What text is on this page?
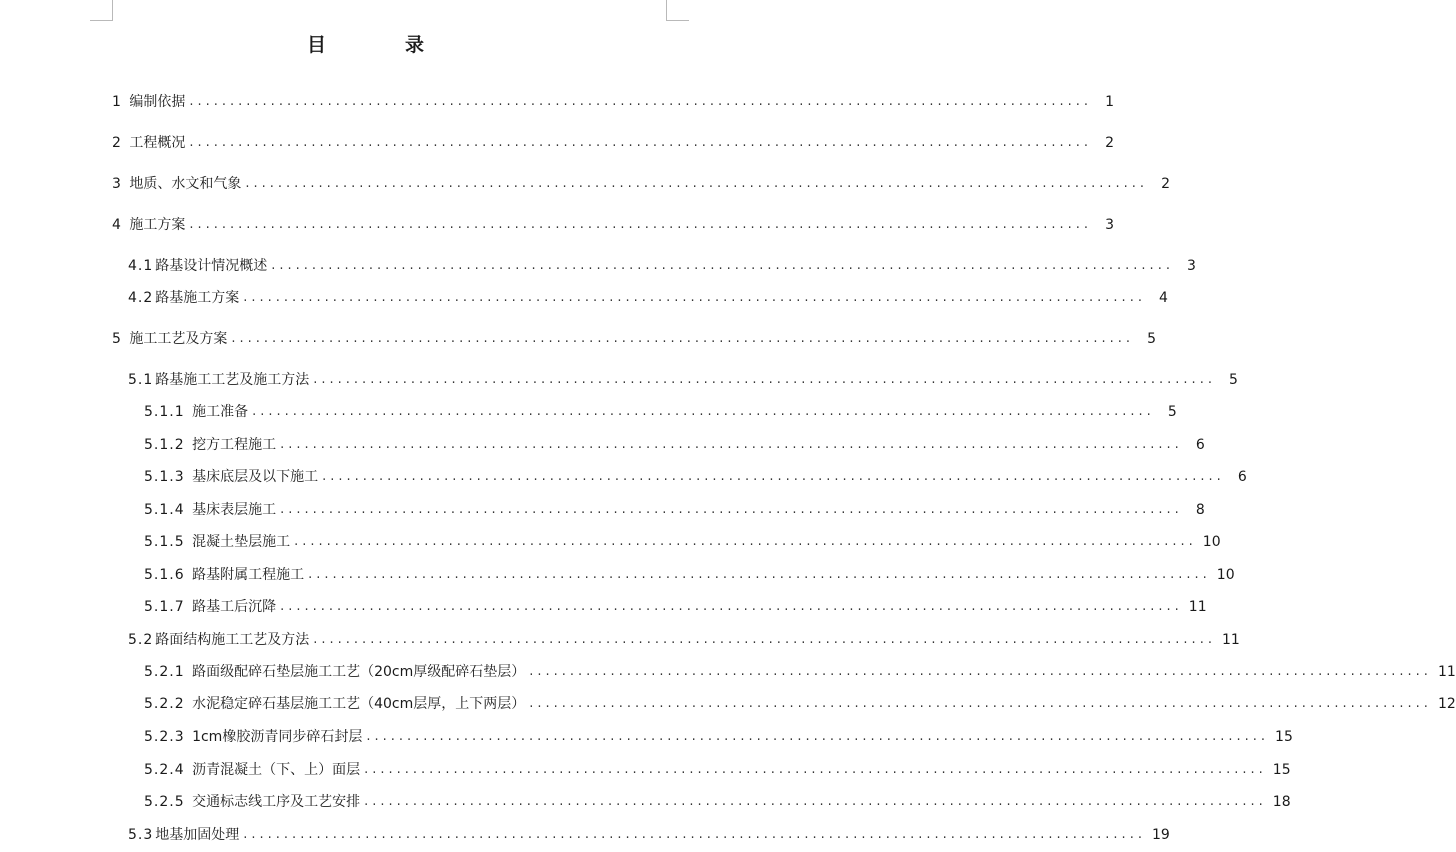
目　录
1 编制依据 ............................................................................................................... 1
2 工程概况 ............................................................................................................... 2
3 地质、水文和气象 ............................................................................................................... 2
4 施工方案 ............................................................................................................... 3
4.1 路基设计情况概述 ............................................................................................................... 3
4.2 路基施工方案 ............................................................................................................... 4
5 施工工艺及方案 ............................................................................................................... 5
5.1 路基施工工艺及施工方法 ............................................................................................................... 5
5.1.1 施工准备 ............................................................................................................... 5
5.1.2 挖方工程施工 ............................................................................................................... 6
5.1.3 基床底层及以下施工 ............................................................................................................... 6
5.1.4 基床表层施工 ............................................................................................................... 8
5.1.5 混凝土垫层施工 ............................................................................................................... 10
5.1.6 路基附属工程施工 ............................................................................................................... 10
5.1.7 路基工后沉降 ............................................................................................................... 11
5.2 路面结构施工工艺及方法 ............................................................................................................... 11
5.2.1 路面级配碎石垫层施工工艺（20cm厚级配碎石垫层） ............................................................................................................... 11
5.2.2 水泥稳定碎石基层施工工艺（40cm层厚，上下两层） ............................................................................................................... 12
5.2.3 1cm橡胶沥青同步碎石封层 ............................................................................................................... 15
5.2.4 沥青混凝土（下、上）面层 ............................................................................................................... 15
5.2.5 交通标志线工序及工艺安排 ............................................................................................................... 18
5.3 地基加固处理 ............................................................................................................... 19
